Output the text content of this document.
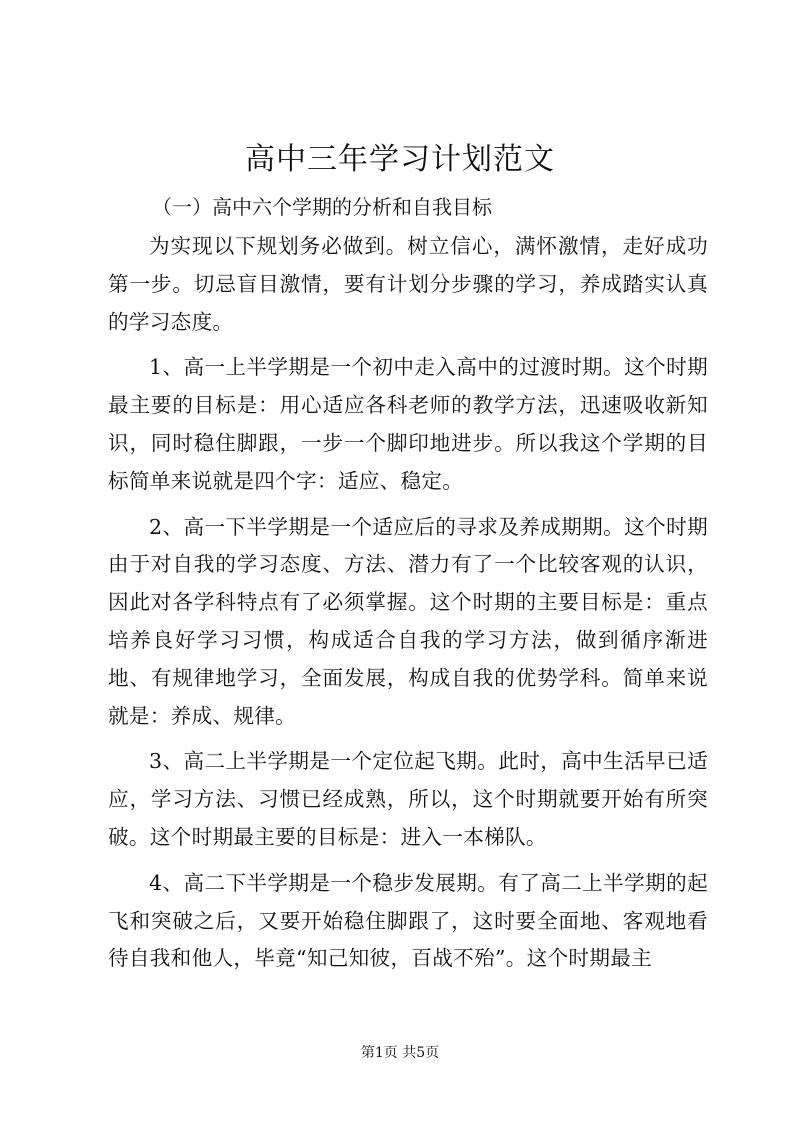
高中三年学习计划范文

（一）高中六个学期的分析和自我目标

为实现以下规划务必做到。树立信心，满怀激情，走好成功第一步。切忌盲目激情，要有计划分步骤的学习，养成踏实认真的学习态度。

1、高一上半学期是一个初中走入高中的过渡时期。这个时期最主要的目标是：用心适应各科老师的教学方法，迅速吸收新知识，同时稳住脚跟，一步一个脚印地进步。所以我这个学期的目标简单来说就是四个字：适应、稳定。

2、高一下半学期是一个适应后的寻求及养成期期。这个时期由于对自我的学习态度、方法、潜力有了一个比较客观的认识，因此对各学科特点有了必须掌握。这个时期的主要目标是：重点培养良好学习习惯，构成适合自我的学习方法，做到循序渐进地、有规律地学习，全面发展，构成自我的优势学科。简单来说就是：养成、规律。

3、高二上半学期是一个定位起飞期。此时，高中生活早已适应，学习方法、习惯已经成熟，所以，这个时期就要开始有所突破。这个时期最主要的目标是：进入一本梯队。

4、高二下半学期是一个稳步发展期。有了高二上半学期的起飞和突破之后，又要开始稳住脚跟了，这时要全面地、客观地看待自我和他人，毕竟“知己知彼，百战不殆”。这个时期最主

第1页 共5页
